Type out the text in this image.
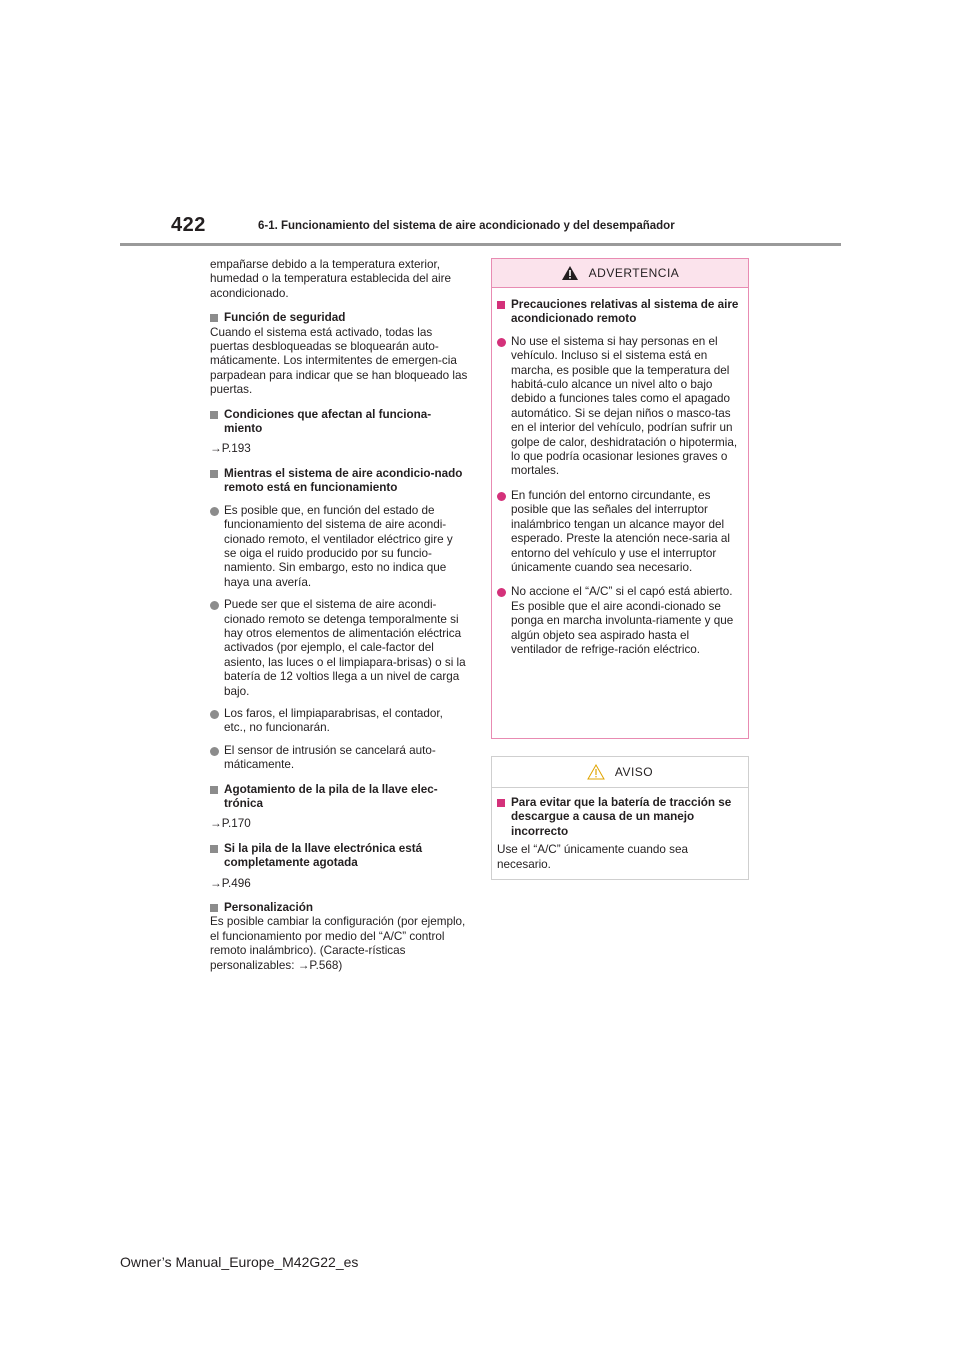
422	6-1. Funcionamiento del sistema de aire acondicionado y del desempañador

empañarse debido a la temperatura exterior, humedad o la temperatura establecida del aire acondicionado.

Función de seguridad

Cuando el sistema está activado, todas las puertas desbloqueadas se bloquearán auto-máticamente. Los intermitentes de emergen-cia parpadean para indicar que se han bloqueado las puertas.

Condiciones que afectan al funciona-miento

→P.193

Mientras el sistema de aire acondicio-nado remoto está en funcionamiento

Es posible que, en función del estado de funcionamiento del sistema de aire acondi-cionado remoto, el ventilador eléctrico gire y se oiga el ruido producido por su funcio-namiento. Sin embargo, esto no indica que haya una avería.

Puede ser que el sistema de aire acondi-cionado remoto se detenga temporalmente si hay otros elementos de alimentación eléctrica activados (por ejemplo, el cale-factor del asiento, las luces o el limpiapara-brisas) o si la batería de 12 voltios llega a un nivel de carga bajo.

Los faros, el limpiaparabrisas, el contador, etc., no funcionarán.

El sensor de intrusión se cancelará auto-máticamente.

Agotamiento de la pila de la llave elec-trónica

→P.170

Si la pila de la llave electrónica está completamente agotada

→P.496

Personalización

Es posible cambiar la configuración (por ejemplo, el funcionamiento por medio del “A/C” control remoto inalámbrico). (Caracte-rísticas personalizables: →P.568)

ADVERTENCIA

Precauciones relativas al sistema de aire acondicionado remoto

No use el sistema si hay personas en el vehículo. Incluso si el sistema está en marcha, es posible que la temperatura del habitá-culo alcance un nivel alto o bajo debido a funciones tales como el apagado automático. Si se dejan niños o masco-tas en el interior del vehículo, podrían sufrir un golpe de calor, deshidratación o hipotermia, lo que podría ocasionar lesiones graves o mortales.

En función del entorno circundante, es posible que las señales del interruptor inalámbrico tengan un alcance mayor del esperado. Preste la atención nece-saria al entorno del vehículo y use el interruptor únicamente cuando sea necesario.

No accione el “A/C” si el capó está abierto. Es posible que el aire acondi-cionado se ponga en marcha involunta-riamente y que algún objeto sea aspirado hasta el ventilador de refrige-ración eléctrico.

AVISO

Para evitar que la batería de tracción se descargue a causa de un manejo incorrecto

Use el “A/C” únicamente cuando sea necesario.

Owner’s Manual_Europe_M42G22_es
